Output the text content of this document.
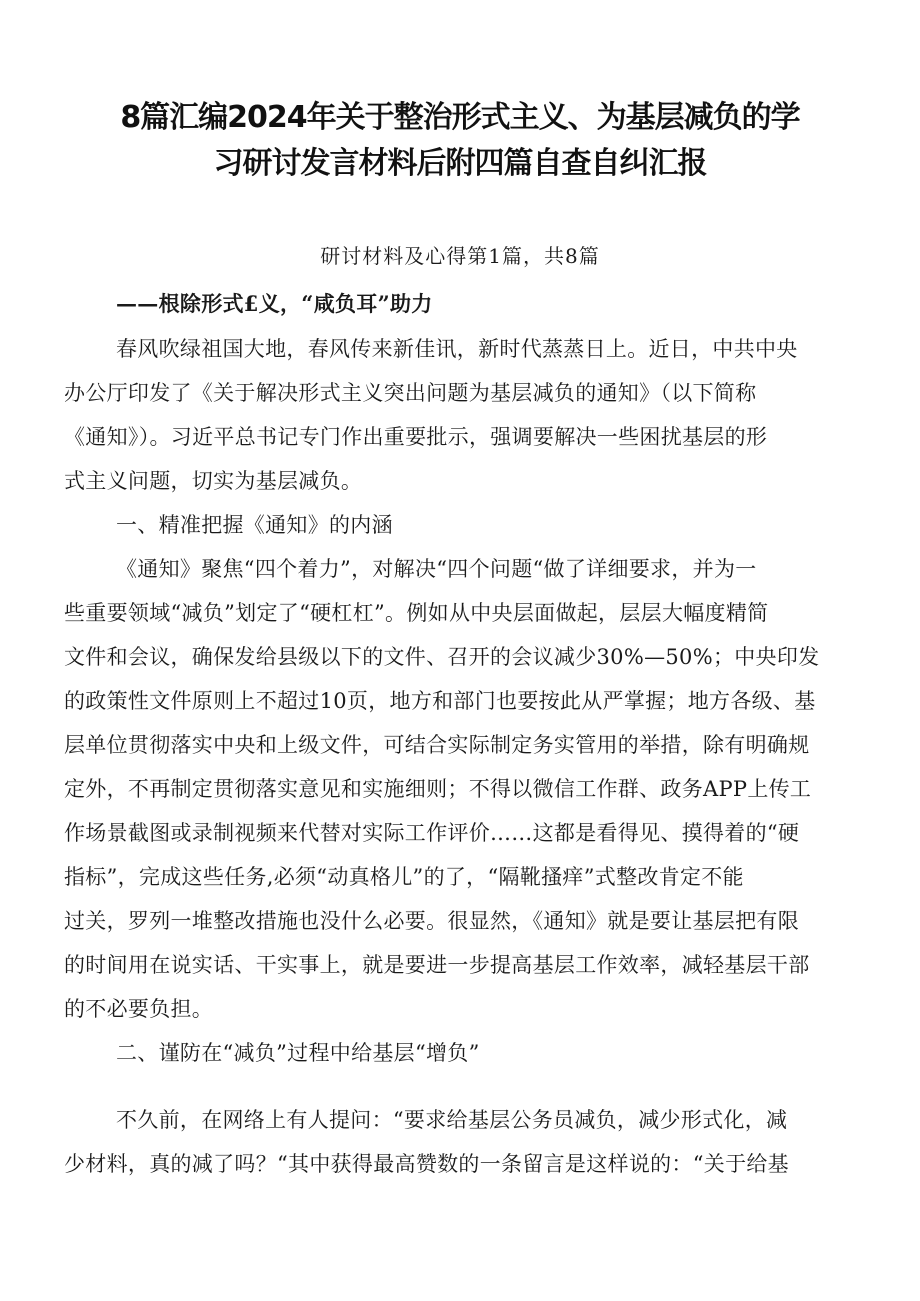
8篇汇编2024年关于整治形式主义、为基层减负的学
习研讨发言材料后附四篇自查自纠汇报
研讨材料及心得第1篇，共8篇
——根除形式£义，“咸负耳”助力
春风吹绿祖国大地，春风传来新佳讯，新时代蒸蒸日上。近日，中共中央
办公厅印发了《关于解决形式主义突出问题为基层减负的通知》（以下简称
《通知》）。习近平总书记专门作出重要批示，强调要解决一些困扰基层的形
式主义问题，切实为基层减负。
一、精准把握《通知》的内涵
《通知》聚焦“四个着力”，对解决“四个问题“做了详细要求，并为一
些重要领域“减负”划定了“硬杠杠”。例如从中央层面做起，层层大幅度精简
文件和会议，确保发给县级以下的文件、召开的会议减少30%—50%；中央印发
的政策性文件原则上不超过10页，地方和部门也要按此从严掌握；地方各级、基
层单位贯彻落实中央和上级文件，可结合实际制定务实管用的举措，除有明确规
定外，不再制定贯彻落实意见和实施细则；不得以微信工作群、政务APP上传工
作场景截图或录制视频来代替对实际工作评价……这都是看得见、摸得着的“硬
指标”，完成这些任务,必须“动真格儿”的了，“隔靴搔痒”式整改肯定不能
过关，罗列一堆整改措施也没什么必要。很显然，《通知》就是要让基层把有限
的时间用在说实话、干实事上，就是要进一步提高基层工作效率，减轻基层干部
的不必要负担。
二、谨防在“减负”过程中给基层“增负”
不久前，在网络上有人提问：“要求给基层公务员减负，减少形式化，减
少材料，真的减了吗？“其中获得最高赞数的一条留言是这样说的：“关于给基
